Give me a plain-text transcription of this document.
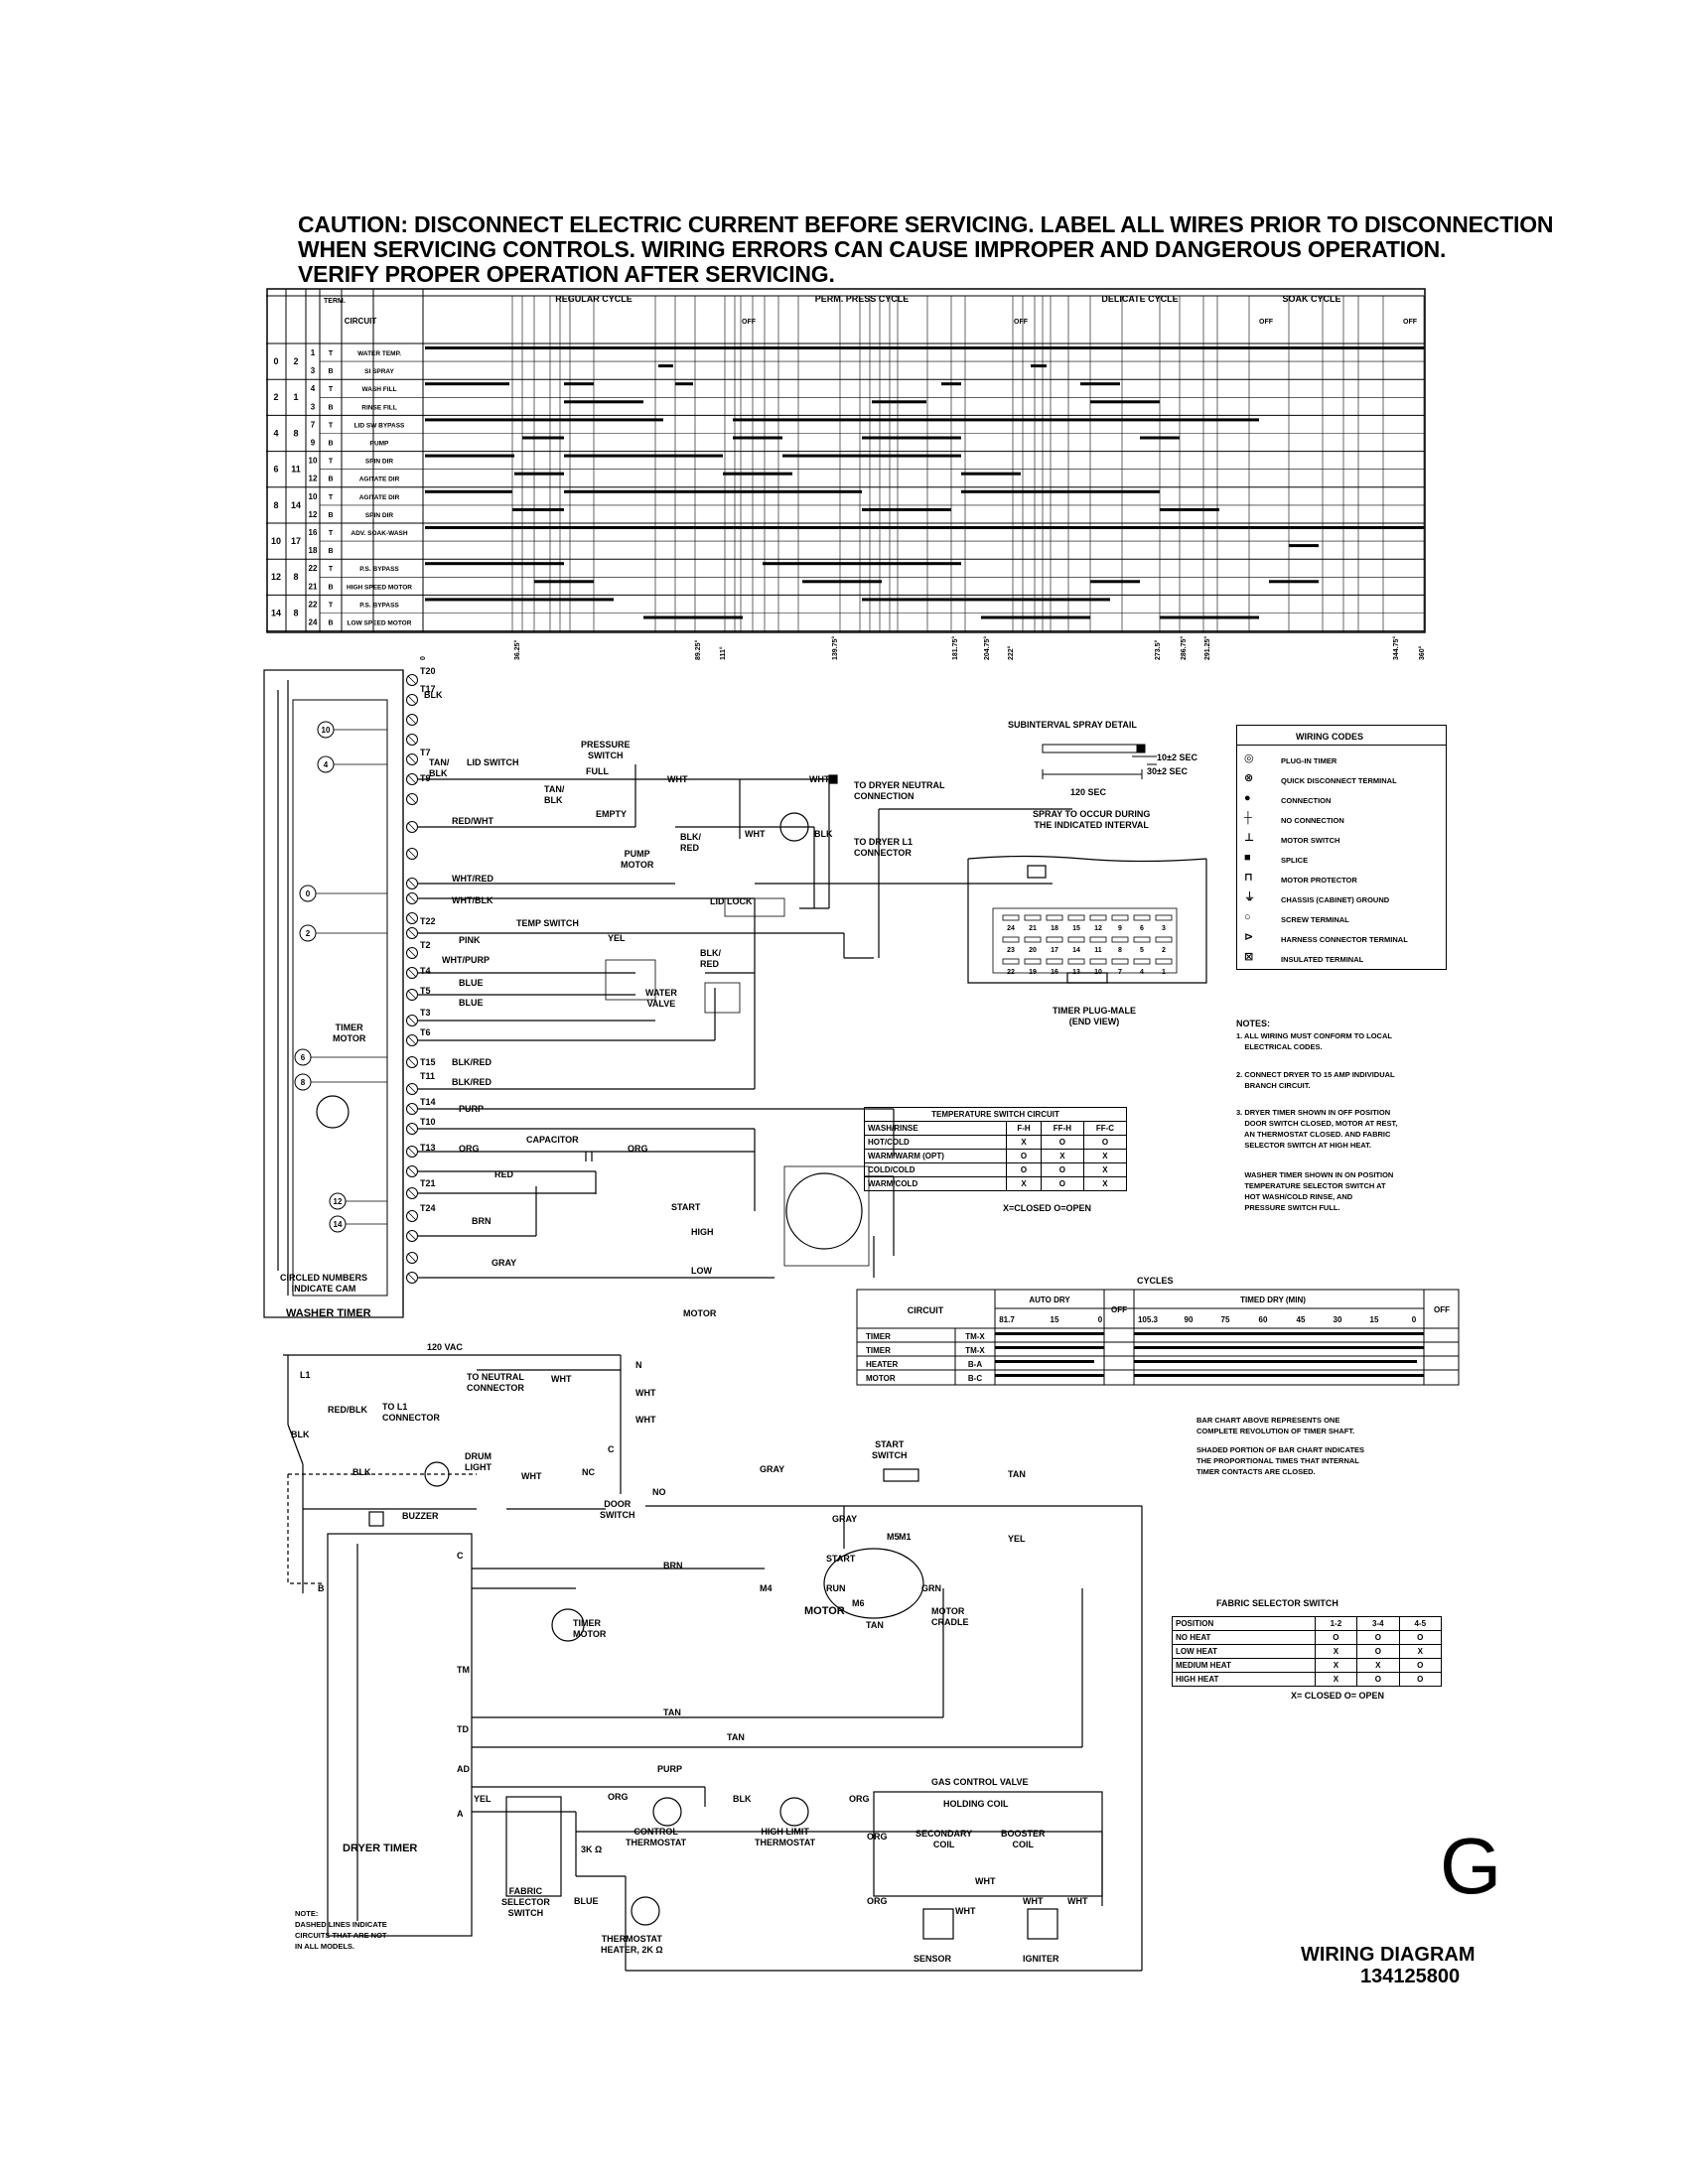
CAUTION: DISCONNECT ELECTRIC CURRENT BEFORE SERVICING. LABEL ALL WIRES PRIOR TO DISCONNECTION
WHEN SERVICING CONTROLS. WIRING ERRORS CAN CAUSE IMPROPER AND DANGEROUS OPERATION.
VERIFY PROPER OPERATION AFTER SERVICING.
TERM.
CIRCUIT
REGULAR CYCLE	PERM. PRESS CYCLE	DELICATE CYCLE	SOAK CYCLE
OFF	OFF	OFF	OFF
0 2
1 T	WATER TEMP.
3 B	SI SPRAY
2 1
4 T	WASH FILL
3 B	RINSE FILL
4 8
7 T	LID SW BYPASS
9 B	PUMP
6 11
10 T	SPIN DIR
12 B	AGITATE DIR
8 14
10 T	AGITATE DIR
12 B	SPIN DIR
10 17
16 T	ADV. SOAK-WASH
18 B
12 8
22 T	P.S. BYPASS
21 B HIGH SPEED MOTOR
14 8
22 T	P.S. BYPASS
24 B LOW SPEED MOTOR
0	36.25°	89.25°	111°	139.75°	181.75°	204.75° 222°	273.5°	286.75° 291.25°	344.75°	360°
T20
T17
T7
T9
T22
T2
T4
T5
T3
T6
T15
T11
T14
T10
T13
T21
T24
10
4
0
2
6
8
12
14
BLK
TAN/
BLK
LID SWITCH
TAN/
BLK
PRESSURE
SWITCH
FULL
EMPTY
WHT	WHT
TO DRYER NEUTRAL
CONNECTION
TO DRYER L1
CONNECTOR
WHT	BLK
RED/WHT
PUMP
MOTOR
BLK/
RED
LID LOCK
WHT/RED
WHT/BLK
TEMP SWITCH
PINK	YEL
WHT/PURP
BLUE
BLUE
WATER
VALVE
BLK/
RED
TIMER
MOTOR
BLK/RED
BLK/RED
PURP
ORG
CAPACITOR
ORG
RED
BRN
GRAY
START
HIGH
LOW
MOTOR
CIRCLED NUMBERS
INDICATE CAM
WASHER TIMER
SUBINTERVAL SPRAY DETAIL
10±2 SEC
30±2 SEC
120 SEC
SPRAY TO OCCUR DURING
THE INDICATED INTERVAL
24 21 18 15 12 9	6	3
23 20 17 14 11 8	5	2
22 19 16 13 10 7	4	1
TIMER PLUG-MALE
(END VIEW)
WIRING CODES
◎	PLUG-IN TIMER
⊗	QUICK DISCONNECT TERMINAL
●	CONNECTION
┼	NO CONNECTION
⊥	MOTOR SWITCH
■	SPLICE
⊓	MOTOR PROTECTOR
⏚	CHASSIS (CABINET) GROUND
○	SCREW TERMINAL
⊳	HARNESS CONNECTOR TERMINAL
⊠	INSULATED TERMINAL
NOTES:
1. ALL WIRING MUST CONFORM TO LOCAL
ELECTRICAL CODES.
2. CONNECT DRYER TO 15 AMP INDIVIDUAL
BRANCH CIRCUIT.
3. DRYER TIMER SHOWN IN OFF POSITION
DOOR SWITCH CLOSED, MOTOR AT REST,
AN THERMOSTAT CLOSED. AND FABRIC
SELECTOR SWITCH AT HIGH HEAT.
WASHER TIMER SHOWN IN ON POSITION
TEMPERATURE SELECTOR SWITCH AT
HOT WASH/COLD RINSE, AND
PRESSURE SWITCH FULL.
TEMPERATURE SWITCH CIRCUIT			
WASH/RINSE	F-H	FF-H	FF-C
HOT/COLD	X	O	O
WARM/WARM (OPT)	O	X	X
COLD/COLD	O	O	X
WARM/COLD	X	O	X
X=CLOSED O=OPEN
CYCLES
CIRCUIT
AUTO DRY	TIMED DRY (MIN)
OFF	OFF
81.7	15	0	105.3	90	75	60	45	30	15	0
TIMER	TM-X
TIMER	TM-X
HEATER	B-A
MOTOR	B-C
BAR CHART ABOVE REPRESENTS ONE
COMPLETE REVOLUTION OF TIMER SHAFT.
SHADED PORTION OF BAR CHART INDICATES
THE PROPORTIONAL TIMES THAT INTERNAL
TIMER CONTACTS ARE CLOSED.
FABRIC SELECTOR SWITCH
POSITION	1-2	3-4	4-5
NO HEAT	O	O	O
LOW HEAT	X	O	X
MEDIUM HEAT	X	X	O
HIGH HEAT	X	O	O
X= CLOSED O= OPEN
120 VAC
L1
N
TO NEUTRAL
CONNECTOR
WHT
WHT
WHT
RED/BLK TO L1
CONNECTOR
BLK
BLK
DRUM
LIGHT
WHT	NC
C
NO
DOOR
SWITCH
GRAY
START
SWITCH
TAN
GRAY
BUZZER
B
C
BRN
YEL
M5 M1
M4
M6
START
RUN	GRN
MOTOR	MOTOR
CRADLE
TAN
TIMER
MOTOR
TM
TAN
TD
TAN
AD	PURP
YEL
A
ORG	BLK	ORG
CONTROL
THERMOSTAT
HIGH LIMIT
THERMOSTAT
GAS CONTROL VALVE
HOLDING COIL
SECONDARY
COIL
BOOSTER
COIL
ORG
WHT
WHT	WHT
ORG
WHT
3K Ω
FABRIC
SELECTOR
SWITCH
BLUE
THERMOSTAT
HEATER, 2K Ω
SENSOR	IGNITER
DRYER TIMER
NOTE:
DASHED LINES INDICATE
CIRCUITS THAT ARE NOT
IN ALL MODELS.
G
WIRING DIAGRAM
134125800
